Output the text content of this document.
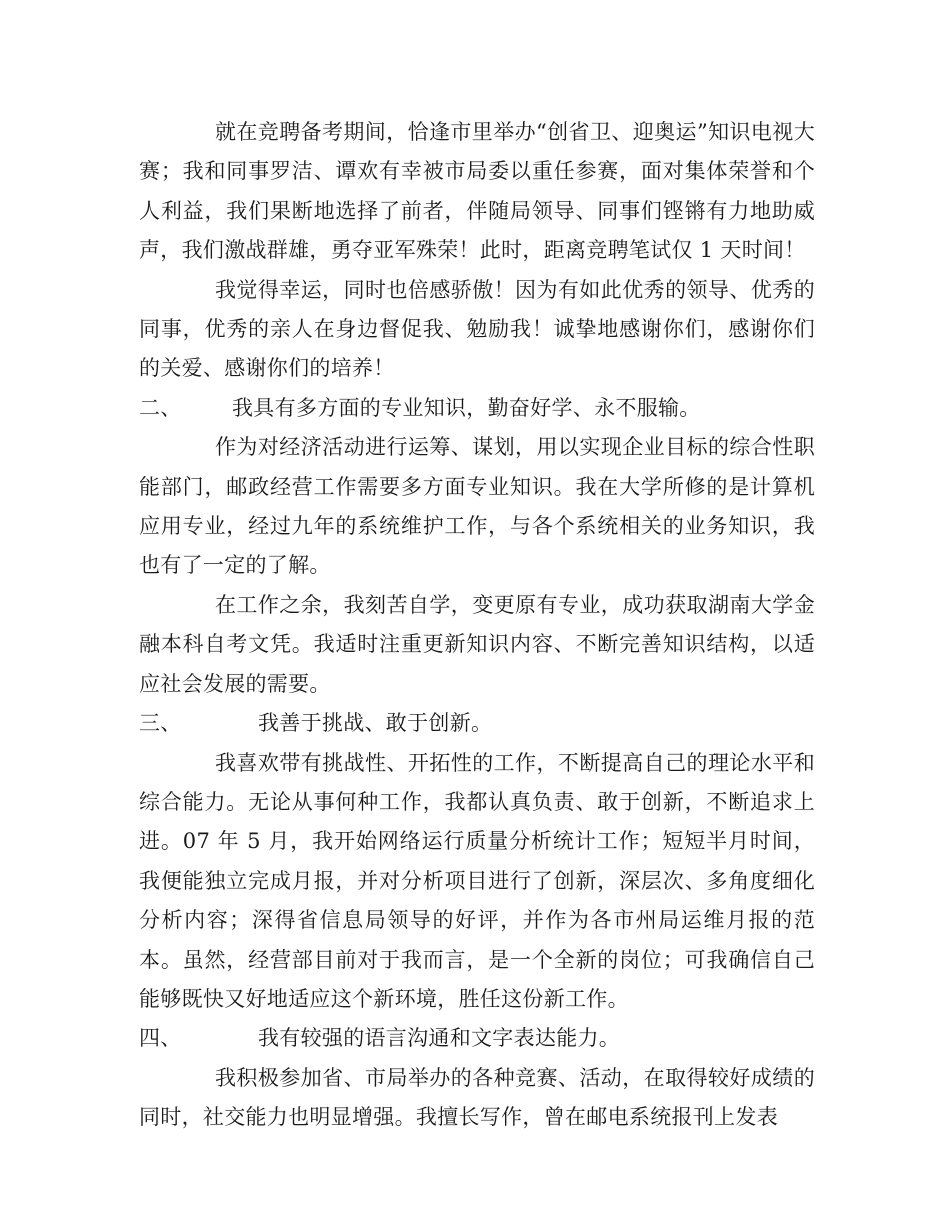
就在竞聘备考期间，恰逢市里举办“创省卫、迎奥运”知识电视大赛；我和同事罗洁、谭欢有幸被市局委以重任参赛，面对集体荣誉和个人利益，我们果断地选择了前者，伴随局领导、同事们铿锵有力地助威声，我们激战群雄，勇夺亚军殊荣！此时，距离竞聘笔试仅 1 天时间！

我觉得幸运，同时也倍感骄傲！因为有如此优秀的领导、优秀的同事，优秀的亲人在身边督促我、勉励我！诚挚地感谢你们，感谢你们的关爱、感谢你们的培养！

二、	我具有多方面的专业知识，勤奋好学、永不服输。

作为对经济活动进行运筹、谋划，用以实现企业目标的综合性职能部门，邮政经营工作需要多方面专业知识。我在大学所修的是计算机应用专业，经过九年的系统维护工作，与各个系统相关的业务知识，我也有了一定的了解。

在工作之余，我刻苦自学，变更原有专业，成功获取湖南大学金融本科自考文凭。我适时注重更新知识内容、不断完善知识结构，以适应社会发展的需要。

三、	我善于挑战、敢于创新。

我喜欢带有挑战性、开拓性的工作，不断提高自己的理论水平和综合能力。无论从事何种工作，我都认真负责、敢于创新，不断追求上进。07 年 5 月，我开始网络运行质量分析统计工作；短短半月时间，我便能独立完成月报，并对分析项目进行了创新，深层次、多角度细化分析内容；深得省信息局领导的好评，并作为各市州局运维月报的范本。虽然，经营部目前对于我而言，是一个全新的岗位；可我确信自己能够既快又好地适应这个新环境，胜任这份新工作。

四、	我有较强的语言沟通和文字表达能力。

我积极参加省、市局举办的各种竞赛、活动，在取得较好成绩的同时，社交能力也明显增强。我擅长写作，曾在邮电系统报刊上发表
